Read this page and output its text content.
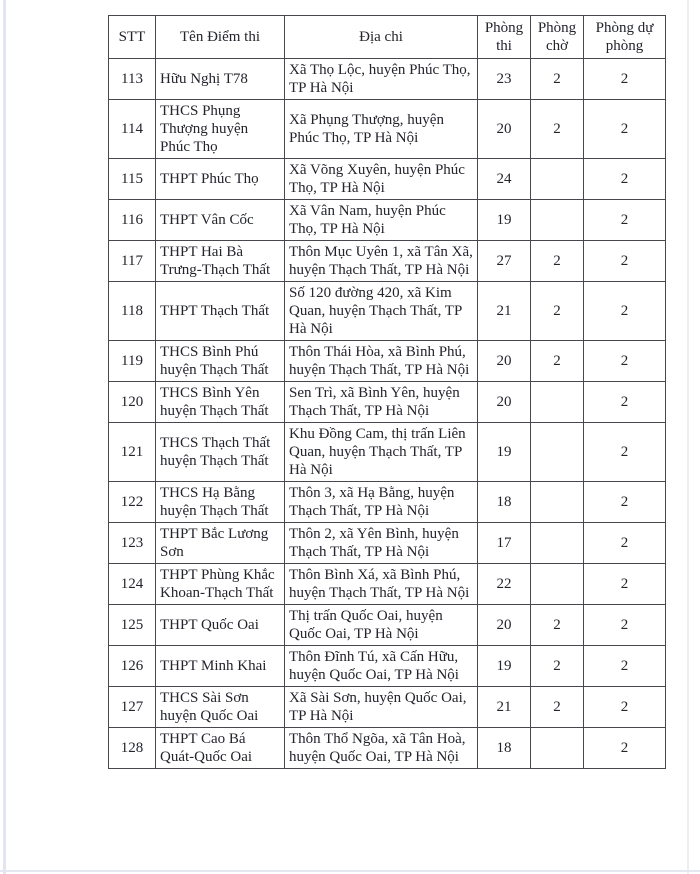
STT	Tên Điểm thi	Địa chi	Phòng thi	Phòng chờ	Phòng dự phòng
113	Hữu Nghị T78	Xã Thọ Lộc, huyện Phúc Thọ, TP Hà Nội	23	2	2
114	THCS Phụng Thượng huyện Phúc Thọ	Xã Phụng Thượng, huyện Phúc Thọ, TP Hà Nội	20	2	2
115	THPT Phúc Thọ	Xã Võng Xuyên, huyện Phúc Thọ, TP Hà Nội	24		2
116	THPT Vân Cốc	Xã Vân Nam, huyện Phúc Thọ, TP Hà Nội	19		2
117	THPT Hai Bà Trưng-Thạch Thất	Thôn Mục Uyên 1, xã Tân Xã, huyện Thạch Thất, TP Hà Nội	27	2	2
118	THPT Thạch Thất	Số 120 đường 420, xã Kim Quan, huyện Thạch Thất, TP Hà Nội	21	2	2
119	THCS Bình Phú huyện Thạch Thất	Thôn Thái Hòa, xã Bình Phú, huyện Thạch Thất, TP Hà Nội	20	2	2
120	THCS Bình Yên huyện Thạch Thất	Sen Trì, xã Bình Yên, huyện Thạch Thất, TP Hà Nội	20		2
121	THCS Thạch Thất huyện Thạch Thất	Khu Đồng Cam, thị trấn Liên Quan, huyện Thạch Thất, TP Hà Nội	19		2
122	THCS Hạ Bằng huyện Thạch Thất	Thôn 3, xã Hạ Bằng, huyện Thạch Thất, TP Hà Nội	18		2
123	THPT Bắc Lương Sơn	Thôn 2, xã Yên Bình, huyện Thạch Thất, TP Hà Nội	17		2
124	THPT Phùng Khắc Khoan-Thạch Thất	Thôn Bình Xá, xã Bình Phú, huyện Thạch Thất, TP Hà Nội	22		2
125	THPT Quốc Oai	Thị trấn Quốc Oai, huyện Quốc Oai, TP Hà Nội	20	2	2
126	THPT Minh Khai	Thôn Đĩnh Tú, xã Cấn Hữu, huyện Quốc Oai, TP Hà Nội	19	2	2
127	THCS Sài Sơn huyện Quốc Oai	Xã Sài Sơn, huyện Quốc Oai, TP Hà Nội	21	2	2
128	THPT Cao Bá Quát-Quốc Oai	Thôn Thổ Ngõa, xã Tân Hoà, huyện Quốc Oai, TP Hà Nội	18		2
